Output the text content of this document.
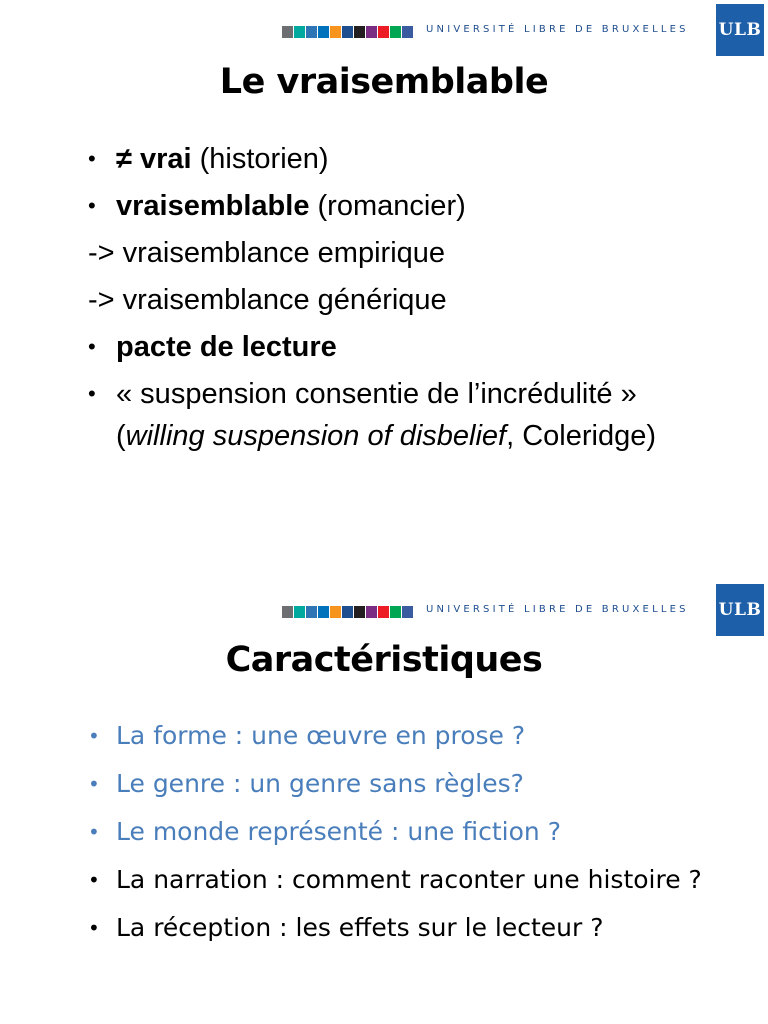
UNIVERSITÉ LIBRE DE BRUXELLES ULB
Le vraisemblable
• ≠ vrai (historien)
• vraisemblable (romancier)
-> vraisemblance empirique
-> vraisemblance générique
• pacte de lecture
• « suspension consentie de l’incrédulité » (willing suspension of disbelief, Coleridge)
UNIVERSITÉ LIBRE DE BRUXELLES ULB
Caractéristiques
• La forme : une œuvre en prose ?
• Le genre : un genre sans règles?
• Le monde représenté : une fiction ?
• La narration : comment raconter une histoire ?
• La réception : les effets sur le lecteur ?
